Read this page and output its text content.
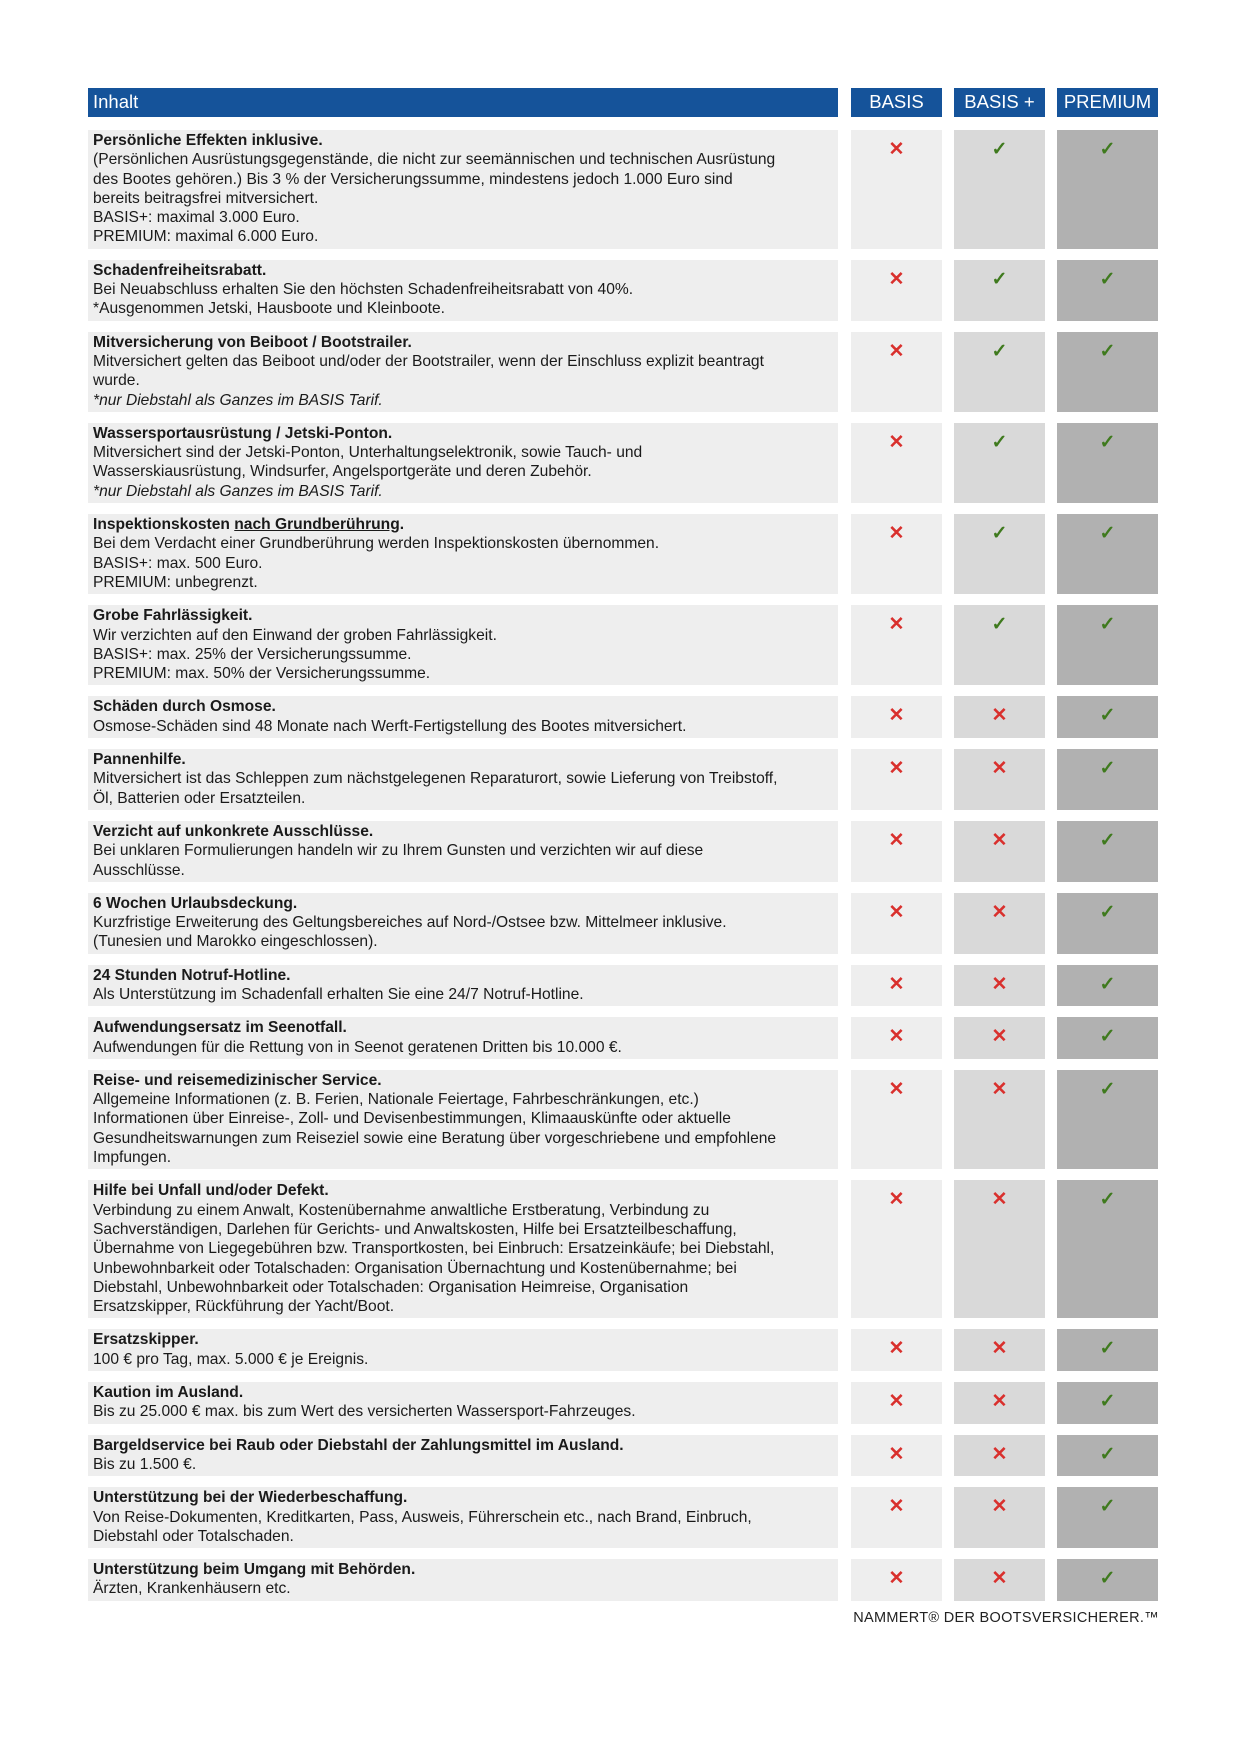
Inhalt	BASIS	BASIS +	PREMIUM
Persönliche Effekten inklusive.
(Persönlichen Ausrüstungsgegenstände, die nicht zur seemännischen und technischen Ausrüstung
des Bootes gehören.) Bis 3 % der Versicherungssumme, mindestens jedoch 1.000 Euro sind
bereits beitragsfrei mitversichert.
BASIS+: maximal 3.000 Euro.
PREMIUM: maximal 6.000 Euro.
✕	✓	✓
Schadenfreiheitsrabatt.
Bei Neuabschluss erhalten Sie den höchsten Schadenfreiheitsrabatt von 40%.
*Ausgenommen Jetski, Hausboote und Kleinboote.
✕	✓	✓
Mitversicherung von Beiboot / Bootstrailer.
Mitversichert gelten das Beiboot und/oder der Bootstrailer, wenn der Einschluss explizit beantragt
wurde.
*nur Diebstahl als Ganzes im BASIS Tarif.
✕	✓	✓
Wassersportausrüstung / Jetski-Ponton.
Mitversichert sind der Jetski-Ponton, Unterhaltungselektronik, sowie Tauch- und
Wasserskiausrüstung, Windsurfer, Angelsportgeräte und deren Zubehör.
*nur Diebstahl als Ganzes im BASIS Tarif.
✕	✓	✓
Inspektionskosten nach Grundberührung.
Bei dem Verdacht einer Grundberührung werden Inspektionskosten übernommen.
BASIS+: max. 500 Euro.
PREMIUM: unbegrenzt.
✕	✓	✓
Grobe Fahrlässigkeit.
Wir verzichten auf den Einwand der groben Fahrlässigkeit.
BASIS+: max. 25% der Versicherungssumme.
PREMIUM: max. 50% der Versicherungssumme.
✕	✓	✓
Schäden durch Osmose.
Osmose-Schäden sind 48 Monate nach Werft-Fertigstellung des Bootes mitversichert.	✕	✕	✓
Pannenhilfe.
Mitversichert ist das Schleppen zum nächstgelegenen Reparaturort, sowie Lieferung von Treibstoff,
Öl, Batterien oder Ersatzteilen.
✕	✕	✓
Verzicht auf unkonkrete Ausschlüsse.
Bei unklaren Formulierungen handeln wir zu Ihrem Gunsten und verzichten wir auf diese
Ausschlüsse.
✕	✕	✓
6 Wochen Urlaubsdeckung.
Kurzfristige Erweiterung des Geltungsbereiches auf Nord-/Ostsee bzw. Mittelmeer inklusive.
(Tunesien und Marokko eingeschlossen).
✕	✕	✓
24 Stunden Notruf-Hotline.
Als Unterstützung im Schadenfall erhalten Sie eine 24/7 Notruf-Hotline.	✕	✕	✓
Aufwendungsersatz im Seenotfall.
Aufwendungen für die Rettung von in Seenot geratenen Dritten bis 10.000 €.	✕	✕	✓
Reise- und reisemedizinischer Service.
Allgemeine Informationen (z. B. Ferien, Nationale Feiertage, Fahrbeschränkungen, etc.)
Informationen über Einreise-, Zoll- und Devisenbestimmungen, Klimaauskünfte oder aktuelle
Gesundheitswarnungen zum Reiseziel sowie eine Beratung über vorgeschriebene und empfohlene
Impfungen.
✕	✕	✓
Hilfe bei Unfall und/oder Defekt.
Verbindung zu einem Anwalt, Kostenübernahme anwaltliche Erstberatung, Verbindung zu
Sachverständigen, Darlehen für Gerichts- und Anwaltskosten, Hilfe bei Ersatzteilbeschaffung,
Übernahme von Liegegebühren bzw. Transportkosten, bei Einbruch: Ersatzeinkäufe; bei Diebstahl,
Unbewohnbarkeit oder Totalschaden: Organisation Übernachtung und Kostenübernahme; bei
Diebstahl, Unbewohnbarkeit oder Totalschaden: Organisation Heimreise, Organisation
Ersatzskipper, Rückführung der Yacht/Boot.
✕	✕	✓
Ersatzskipper.
100 € pro Tag, max. 5.000 € je Ereignis.	✕	✕	✓
Kaution im Ausland.
Bis zu 25.000 € max. bis zum Wert des versicherten Wassersport-Fahrzeuges.	✕	✕	✓
Bargeldservice bei Raub oder Diebstahl der Zahlungsmittel im Ausland.
Bis zu 1.500 €.	✕	✕	✓
Unterstützung bei der Wiederbeschaffung.
Von Reise-Dokumenten, Kreditkarten, Pass, Ausweis, Führerschein etc., nach Brand, Einbruch,
Diebstahl oder Totalschaden.
✕	✕	✓
Unterstützung beim Umgang mit Behörden.
Ärzten, Krankenhäusern etc.	✕	✕	✓
NAMMERT® DER BOOTSVERSICHERER.™
